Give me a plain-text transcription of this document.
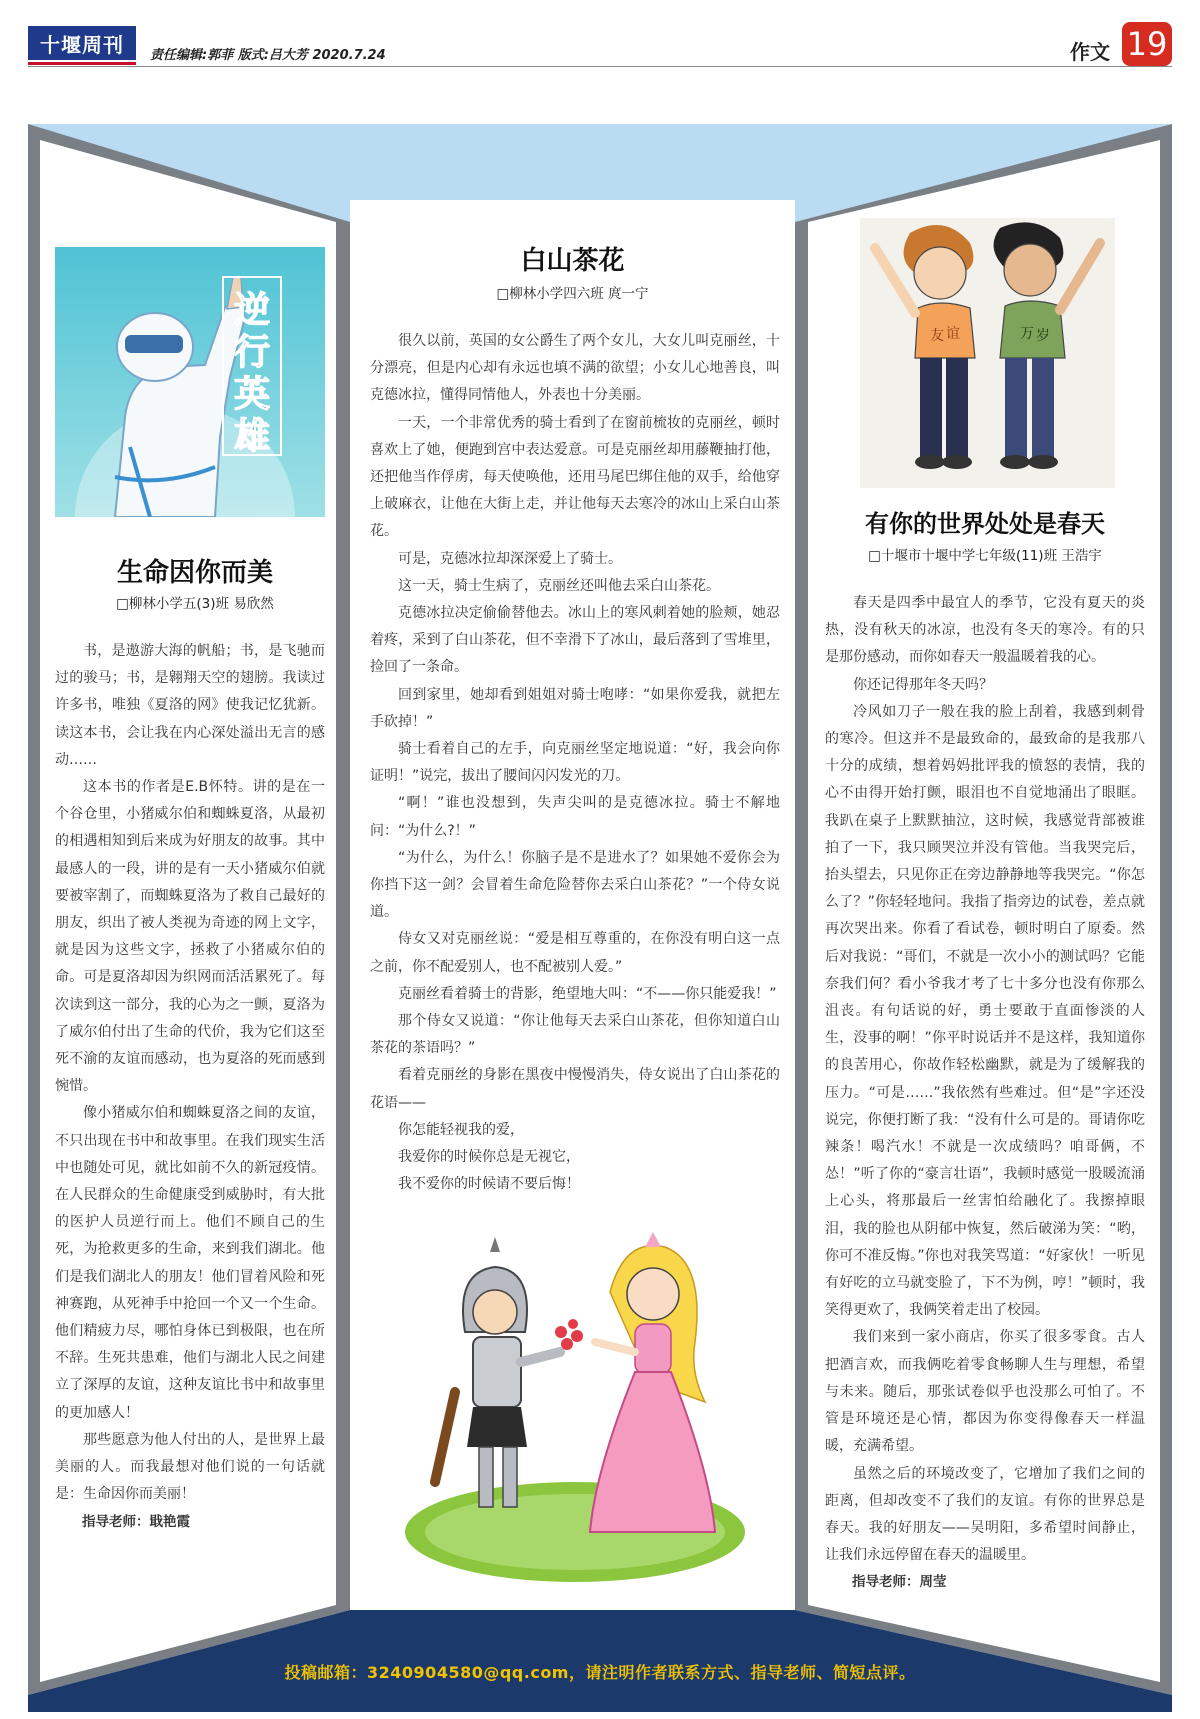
十堰周刊 责任编辑:郭菲 版式:吕大芳 2020.7.24	作文 19
逆
行
英
雄
生命因你而美
□柳林小学五(3)班 易欣然

书，是遨游大海的帆船；书，是飞驰而过的骏马；书，是翱翔天空的翅膀。我读过许多书，唯独《夏洛的网》使我记忆犹新。读这本书，会让我在内心深处溢出无言的感动……

这本书的作者是E.B怀特。讲的是在一个谷仓里，小猪威尔伯和蜘蛛夏洛，从最初的相遇相知到后来成为好朋友的故事。其中最感人的一段，讲的是有一天小猪威尔伯就要被宰割了，而蜘蛛夏洛为了救自己最好的朋友，织出了被人类视为奇迹的网上文字，就是因为这些文字，拯救了小猪威尔伯的命。可是夏洛却因为织网而活活累死了。每次读到这一部分，我的心为之一颤，夏洛为了威尔伯付出了生命的代价，我为它们这至死不渝的友谊而感动，也为夏洛的死而感到惋惜。

像小猪威尔伯和蜘蛛夏洛之间的友谊，不只出现在书中和故事里。在我们现实生活中也随处可见，就比如前不久的新冠疫情。在人民群众的生命健康受到威胁时，有大批的医护人员逆行而上。他们不顾自己的生死，为抢救更多的生命，来到我们湖北。他们是我们湖北人的朋友！他们冒着风险和死神赛跑，从死神手中抢回一个又一个生命。他们精疲力尽，哪怕身体已到极限，也在所不辞。生死共患难，他们与湖北人民之间建立了深厚的友谊，这种友谊比书中和故事里的更加感人！

那些愿意为他人付出的人，是世界上最美丽的人。而我最想对他们说的一句话就是：生命因你而美丽！

指导老师：戢艳霞

白山茶花
□柳林小学四六班 庹一宁

很久以前，英国的女公爵生了两个女儿，大女儿叫克丽丝，十分漂亮，但是内心却有永远也填不满的欲望；小女儿心地善良，叫克德冰拉，懂得同情他人，外表也十分美丽。

一天，一个非常优秀的骑士看到了在窗前梳妆的克丽丝，顿时喜欢上了她，便跑到宫中表达爱意。可是克丽丝却用藤鞭抽打他，还把他当作俘虏，每天使唤他，还用马尾巴绑住他的双手，给他穿上破麻衣，让他在大街上走，并让他每天去寒冷的冰山上采白山茶花。

可是，克德冰拉却深深爱上了骑士。

这一天，骑士生病了，克丽丝还叫他去采白山茶花。

克德冰拉决定偷偷替他去。冰山上的寒风刺着她的脸颊，她忍着疼，采到了白山茶花，但不幸滑下了冰山，最后落到了雪堆里，捡回了一条命。

回到家里，她却看到姐姐对骑士咆哮：“如果你爱我，就把左手砍掉！”

骑士看着自己的左手，向克丽丝坚定地说道：“好，我会向你证明！”说完，拔出了腰间闪闪发光的刀。

“啊！”谁也没想到，失声尖叫的是克德冰拉。骑士不解地问：“为什么?！”

“为什么，为什么！你脑子是不是进水了？如果她不爱你会为你挡下这一剑？会冒着生命危险替你去采白山茶花？”一个侍女说道。

侍女又对克丽丝说：“爱是相互尊重的，在你没有明白这一点之前，你不配爱别人，也不配被别人爱。”

克丽丝看着骑士的背影，绝望地大叫：“不——你只能爱我！”

那个侍女又说道：“你让他每天去采白山茶花，但你知道白山茶花的茶语吗？”

看着克丽丝的身影在黑夜中慢慢消失，侍女说出了白山茶花的花语——

你怎能轻视我的爱，

我爱你的时候你总是无视它，

我不爱你的时候请不要后悔！

友 谊	万 岁
有你的世界处处是春天
□十堰市十堰中学七年级(11)班 王浩宇

春天是四季中最宜人的季节，它没有夏天的炎热，没有秋天的冰凉，也没有冬天的寒冷。有的只是那份感动，而你如春天一般温暖着我的心。

你还记得那年冬天吗？

冷风如刀子一般在我的脸上刮着，我感到刺骨的寒冷。但这并不是最致命的，最致命的是我那八十分的成绩，想着妈妈批评我的愤怒的表情，我的心不由得开始打颤，眼泪也不自觉地涌出了眼眶。我趴在桌子上默默抽泣，这时候，我感觉背部被谁拍了一下，我只顾哭泣并没有管他。当我哭完后，抬头望去，只见你正在旁边静静地等我哭完。“你怎么了？”你轻轻地问。我指了指旁边的试卷，差点就再次哭出来。你看了看试卷，顿时明白了原委。然后对我说：“哥们，不就是一次小小的测试吗？它能奈我们何？看小爷我才考了七十多分也没有你那么沮丧。有句话说的好，勇士要敢于直面惨淡的人生，没事的啊！”你平时说话并不是这样，我知道你的良苦用心，你故作轻松幽默，就是为了缓解我的压力。“可是……”我依然有些难过。但“是”字还没说完，你便打断了我：“没有什么可是的。哥请你吃辣条！喝汽水！不就是一次成绩吗？咱哥俩，不怂！”听了你的“豪言壮语”，我顿时感觉一股暖流涌上心头，将那最后一丝害怕给融化了。我擦掉眼泪，我的脸也从阴郁中恢复，然后破涕为笑：“哟，你可不准反悔。”你也对我笑骂道：“好家伙！一听见有好吃的立马就变脸了，下不为例，哼！”顿时，我笑得更欢了，我俩笑着走出了校园。

我们来到一家小商店，你买了很多零食。古人把酒言欢，而我俩吃着零食畅聊人生与理想，希望与未来。随后，那张试卷似乎也没那么可怕了。不管是环境还是心情，都因为你变得像春天一样温暖，充满希望。

虽然之后的环境改变了，它增加了我们之间的距离，但却改变不了我们的友谊。有你的世界总是春天。我的好朋友——吴明阳，多希望时间静止，让我们永远停留在春天的温暖里。

指导老师：周莹

投稿邮箱：3240904580@qq.com，请注明作者联系方式、指导老师、简短点评。
